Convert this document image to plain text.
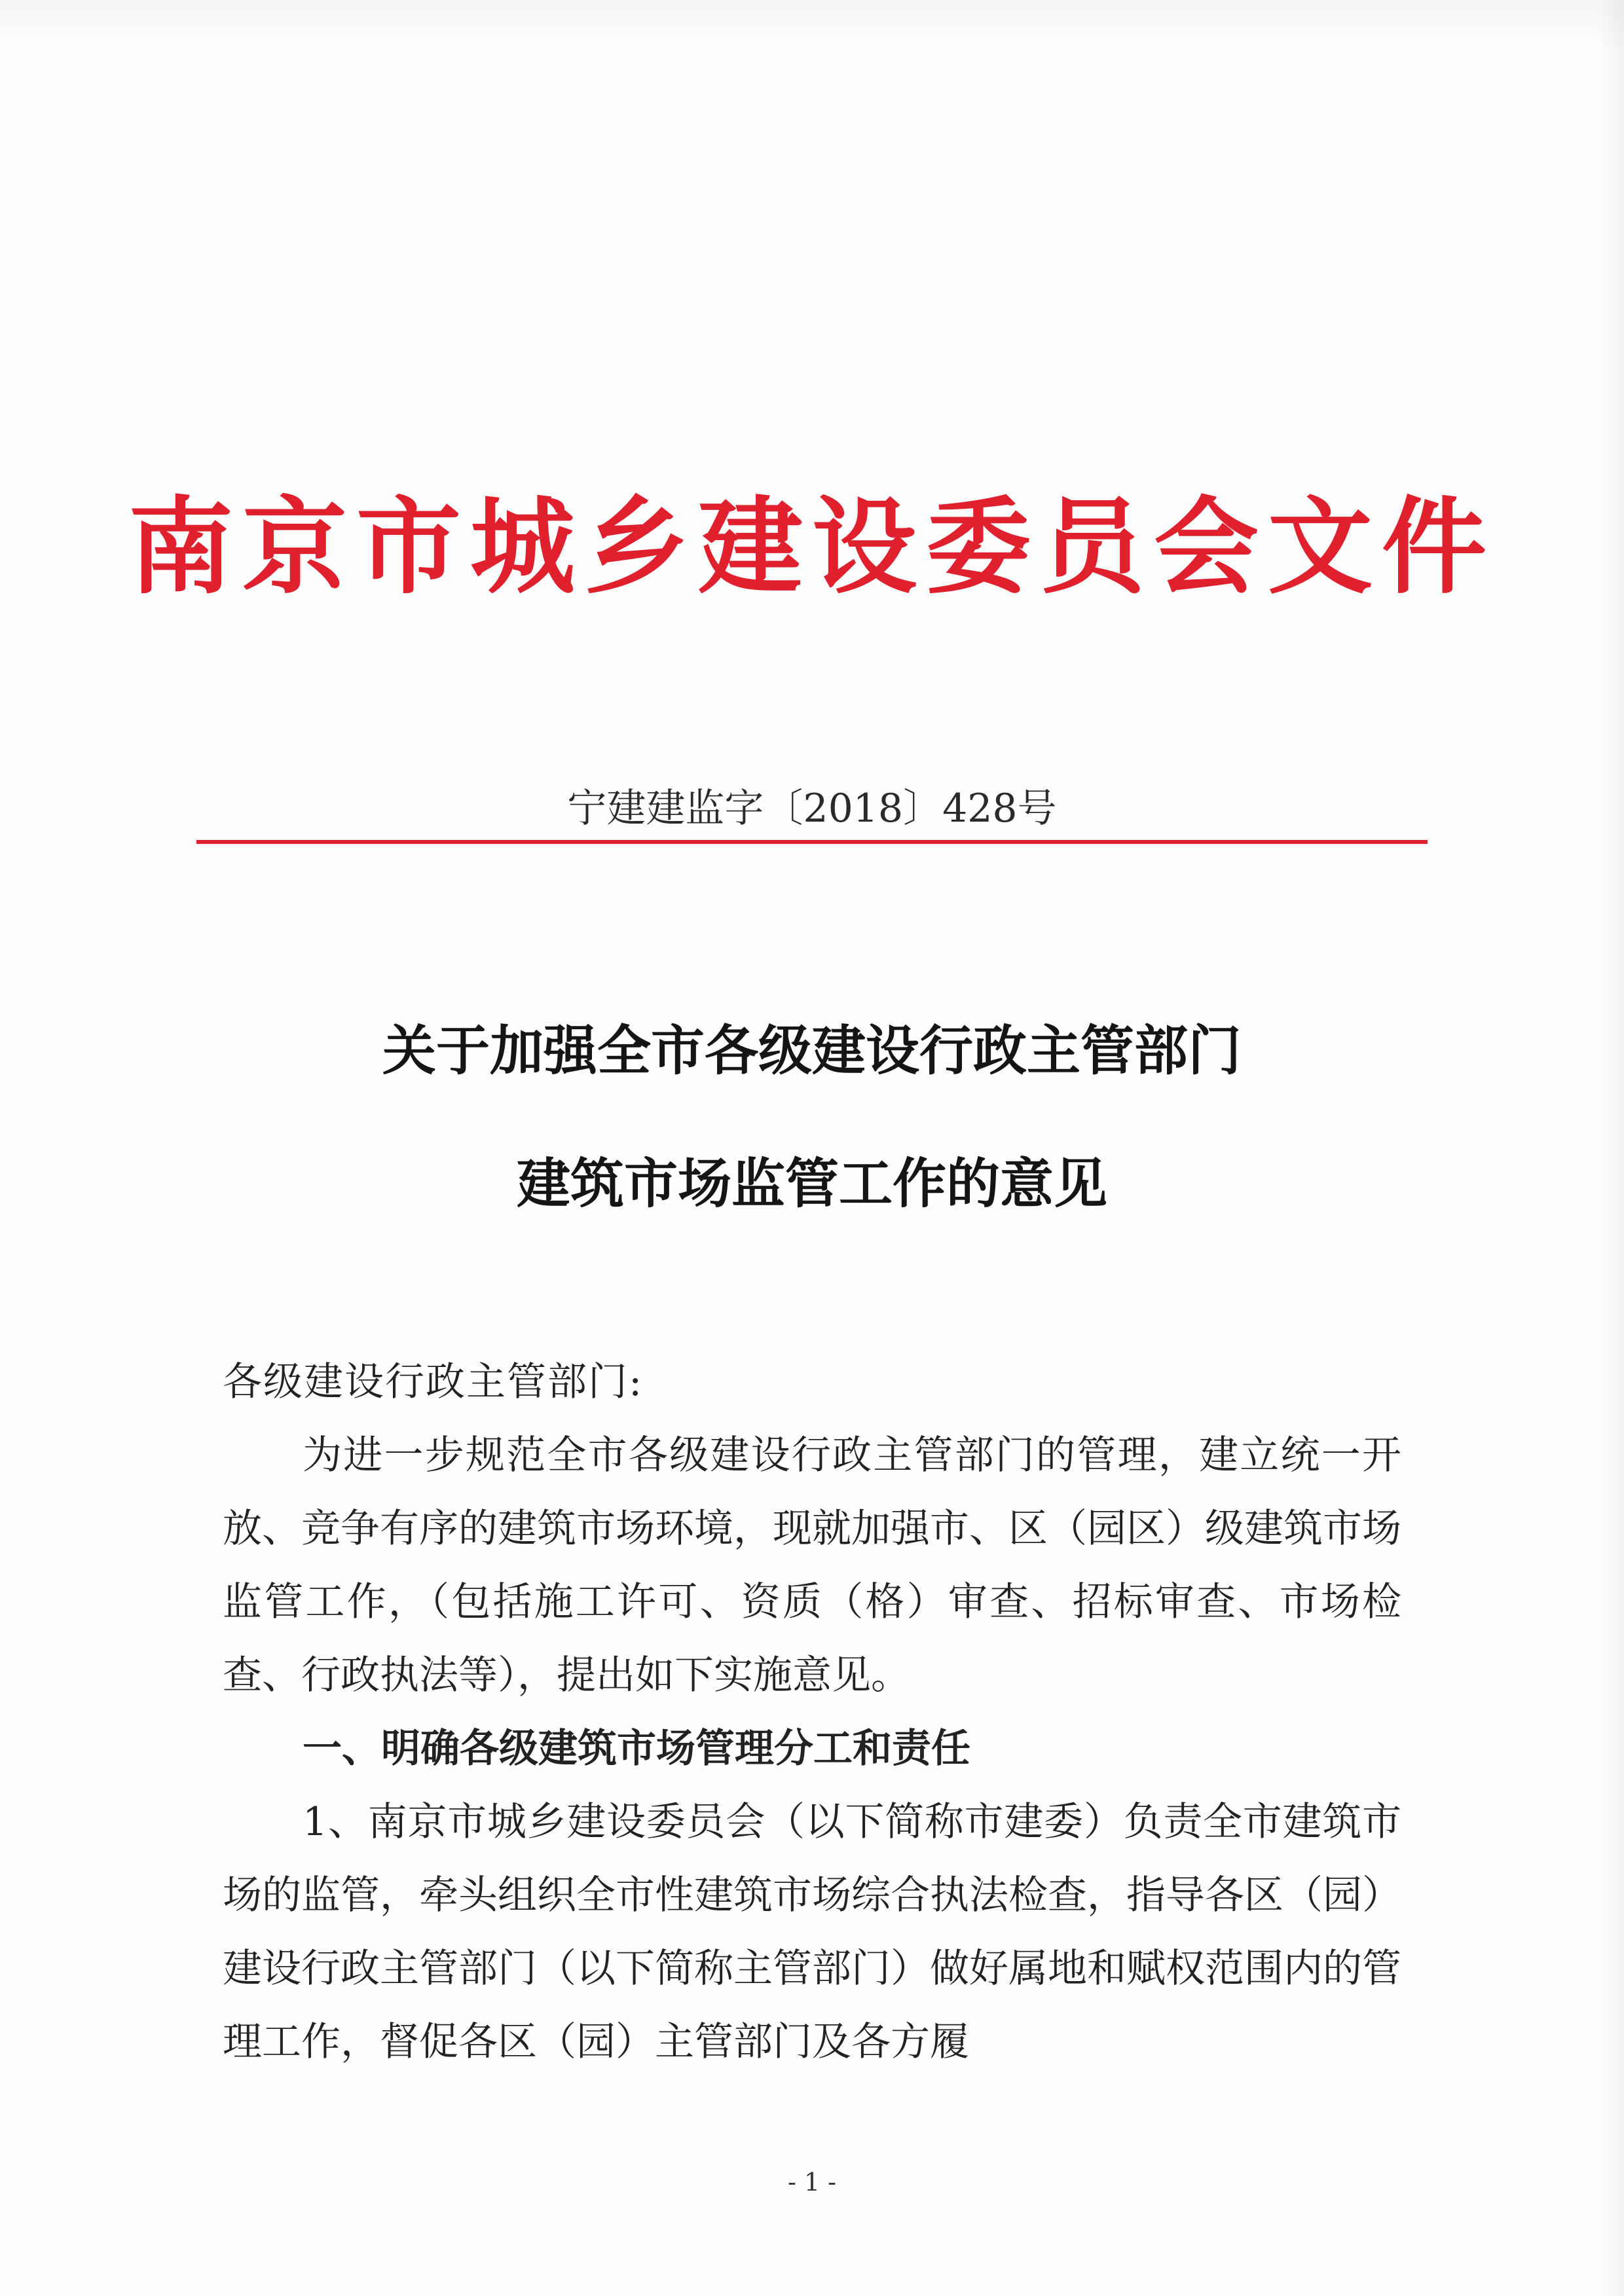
南京市城乡建设委员会文件
宁建建监字〔2018〕428号
关于加强全市各级建设行政主管部门
建筑市场监管工作的意见

各级建设行政主管部门:

为进一步规范全市各级建设行政主管部门的管理，建立统一开放、竞争有序的建筑市场环境，现就加强市、区（园区）级建筑市场监管工作，（包括施工许可、资质（格）审查、招标审查、市场检查、行政执法等），提出如下实施意见。

一、明确各级建筑市场管理分工和责任

1、南京市城乡建设委员会（以下简称市建委）负责全市建筑市场的监管，牵头组织全市性建筑市场综合执法检查，指导各区（园）建设行政主管部门（以下简称主管部门）做好属地和赋权范围内的管理工作，督促各区（园）主管部门及各方履

- 1 -
